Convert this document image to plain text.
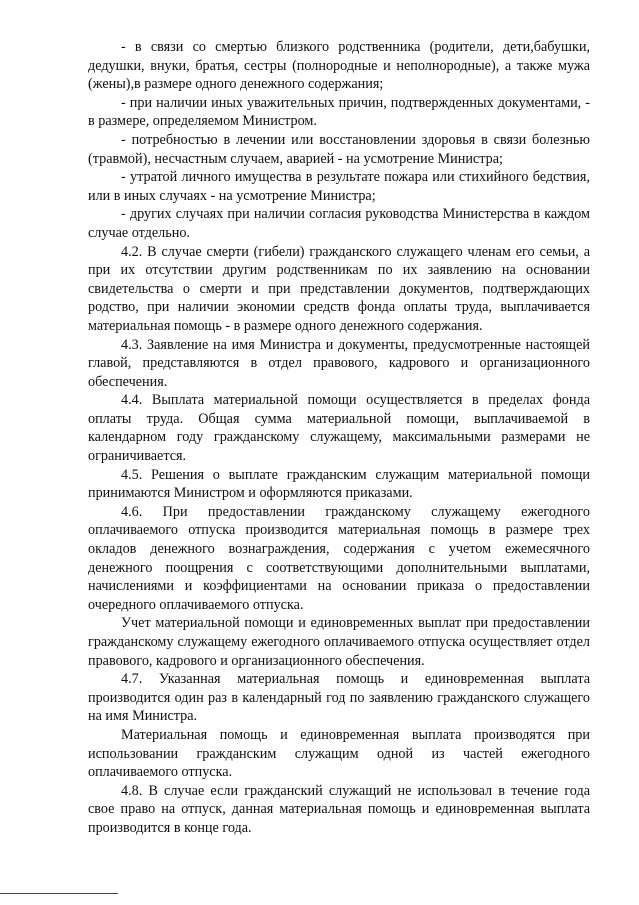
- в связи со смертью близкого родственника (родители, дети,бабушки, дедушки, внуки, братья, сестры (полнородные и неполнородные), а также мужа (жены),в размере одного денежного содержания;

- при наличии иных уважительных причин, подтвержденных документами, - в размере, определяемом Министром.

- потребностью в лечении или восстановлении здоровья в связи болезнью (травмой), несчастным случаем, аварией - на усмотрение Министра;

- утратой личного имущества в результате пожара или стихийного бедствия, или в иных случаях - на усмотрение Министра;

- других случаях при наличии согласия руководства Министерства в каждом случае отдельно.

4.2. В случае смерти (гибели) гражданского служащего членам его семьи, а при их отсутствии другим родственникам по их заявлению на основании свидетельства о смерти и при представлении документов, подтверждающих родство, при наличии экономии средств фонда оплаты труда, выплачивается материальная помощь - в размере одного денежного содержания.

4.3. Заявление на имя Министра и документы, предусмотренные настоящей главой, представляются в отдел правового, кадрового и организационного обеспечения.

4.4. Выплата материальной помощи осуществляется в пределах фонда оплаты труда. Общая сумма материальной помощи, выплачиваемой в календарном году гражданскому служащему, максимальными размерами не ограничивается.

4.5. Решения о выплате гражданским служащим материальной помощи принимаются Министром и оформляются приказами.

4.6. При предоставлении гражданскому служащему ежегодного оплачиваемого отпуска производится материальная помощь в размере трех окладов денежного вознаграждения, содержания с учетом ежемесячного денежного поощрения с соответствующими дополнительными выплатами, начислениями и коэффициентами на основании приказа о предоставлении очередного оплачиваемого отпуска.

Учет материальной помощи и единовременных выплат при предоставлении гражданскому служащему ежегодного оплачиваемого отпуска осуществляет отдел правового, кадрового и организационного обеспечения.

4.7. Указанная материальная помощь и единовременная выплата производится один раз в календарный год по заявлению гражданского служащего на имя Министра.

Материальная помощь и единовременная выплата производятся при использовании гражданским служащим одной из частей ежегодного оплачиваемого отпуска.

4.8. В случае если гражданский служащий не использовал в течение года свое право на отпуск, данная материальная помощь и единовременная выплата производится в конце года.
